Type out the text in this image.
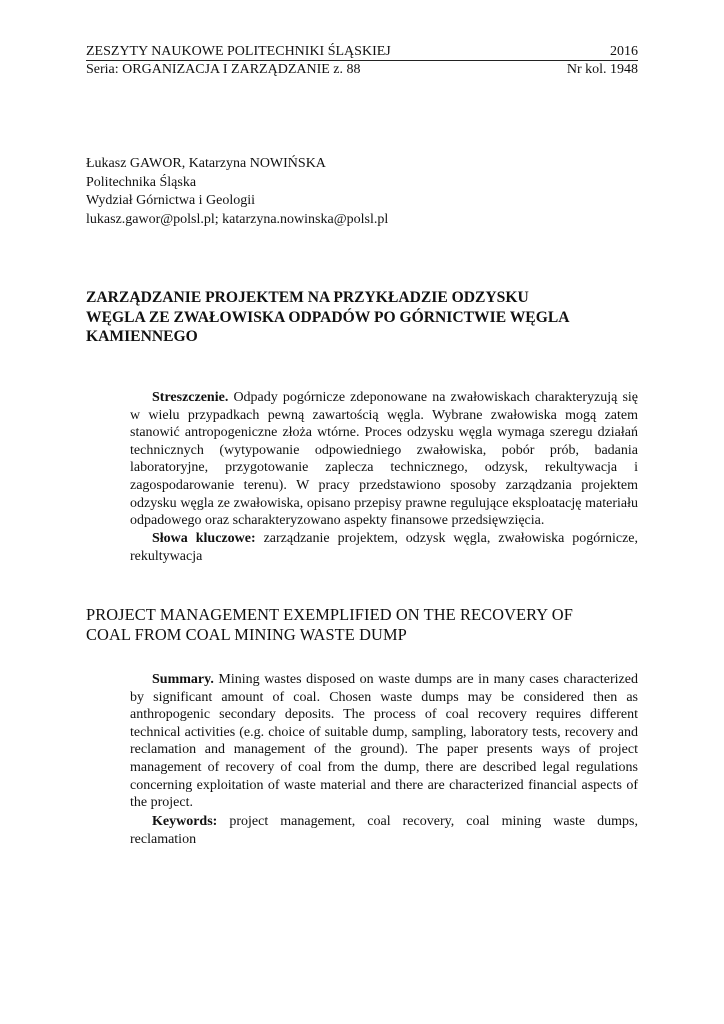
ZESZYTY NAUKOWE POLITECHNIKI ŚLĄSKIEJ	2016
Seria: ORGANIZACJA I ZARZĄDZANIE z. 88	Nr kol. 1948
Łukasz GAWOR, Katarzyna NOWIŃSKA
Politechnika Śląska
Wydział Górnictwa i Geologii
lukasz.gawor@polsl.pl; katarzyna.nowinska@polsl.pl
ZARZĄDZANIE PROJEKTEM NA PRZYKŁADZIE ODZYSKU
WĘGLA ZE ZWAŁOWISKA ODPADÓW PO GÓRNICTWIE WĘGLA
KAMIENNEGO

Streszczenie. Odpady pogórnicze zdeponowane na zwałowiskach charakteryzują się w wielu przypadkach pewną zawartością węgla. Wybrane zwałowiska mogą zatem stanowić antropogeniczne złoża wtórne. Proces odzysku węgla wymaga szeregu działań technicznych (wytypowanie odpowiedniego zwałowiska, pobór prób, badania laboratoryjne, przygotowanie zaplecza technicznego, odzysk, rekultywacja i zagospodarowanie terenu). W pracy przedstawiono sposoby zarządzania projektem odzysku węgla ze zwałowiska, opisano przepisy prawne regulujące eksploatację materiału odpadowego oraz scharakteryzowano aspekty finansowe przedsięwzięcia.

Słowa kluczowe: zarządzanie projektem, odzysk węgla, zwałowiska pogórnicze, rekultywacja

PROJECT MANAGEMENT EXEMPLIFIED ON THE RECOVERY OF
COAL FROM COAL MINING WASTE DUMP

Summary. Mining wastes disposed on waste dumps are in many cases characterized by significant amount of coal. Chosen waste dumps may be considered then as anthropogenic secondary deposits. The process of coal recovery requires different technical activities (e.g. choice of suitable dump, sampling, laboratory tests, recovery and reclamation and management of the ground). The paper presents ways of project management of recovery of coal from the dump, there are described legal regulations concerning exploitation of waste material and there are characterized financial aspects of the project.

Keywords: project management, coal recovery, coal mining waste dumps, reclamation
